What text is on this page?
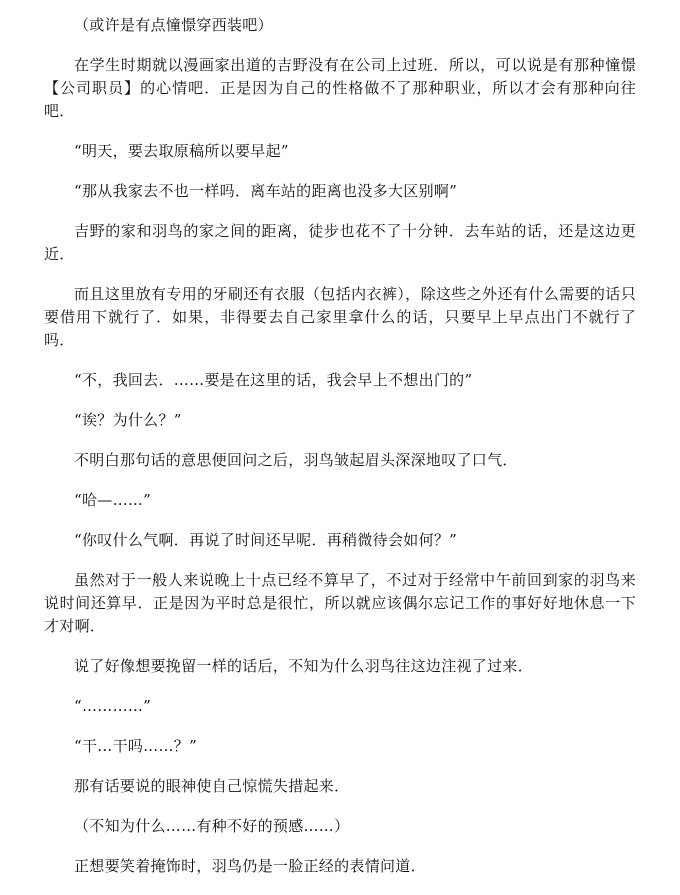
（或许是有点憧憬穿西装吧）

在学生时期就以漫画家出道的吉野没有在公司上过班．所以，可以说是有那种憧憬【公司职员】的心情吧．正是因为自己的性格做不了那种职业，所以才会有那种向往吧．

“明天，要去取原稿所以要早起”

“那从我家去不也一样吗．离车站的距离也没多大区别啊”

吉野的家和羽鸟的家之间的距离，徒步也花不了十分钟．去车站的话，还是这边更近．

而且这里放有专用的牙刷还有衣服（包括内衣裤），除这些之外还有什么需要的话只要借用下就行了．如果，非得要去自己家里拿什么的话，只要早上早点出门不就行了吗．

“不，我回去．……要是在这里的话，我会早上不想出门的”

“诶？为什么？”

不明白那句话的意思便回问之后，羽鸟皱起眉头深深地叹了口气．

“哈—……”

“你叹什么气啊．再说了时间还早呢．再稍微待会如何？”

虽然对于一般人来说晚上十点已经不算早了，不过对于经常中午前回到家的羽鸟来说时间还算早．正是因为平时总是很忙，所以就应该偶尔忘记工作的事好好地休息一下才对啊．

说了好像想要挽留一样的话后，不知为什么羽鸟往这边注视了过来．

“…………”

“干…干吗……？”

那有话要说的眼神使自己惊慌失措起来．

（不知为什么……有种不好的预感……）

正想要笑着掩饰时，羽鸟仍是一脸正经的表情问道．
